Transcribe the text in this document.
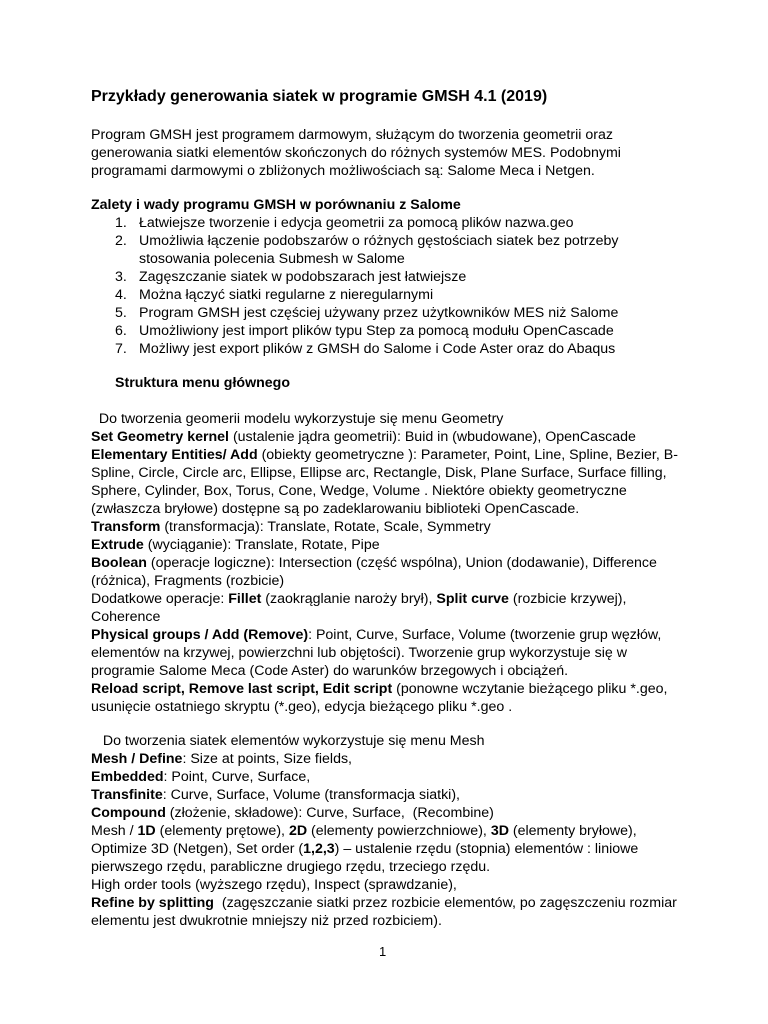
Przykłady generowania siatek w programie GMSH 4.1 (2019)
Program GMSH jest programem darmowym, służącym do tworzenia geometrii oraz
generowania siatki elementów skończonych do różnych systemów MES. Podobnymi
programami darmowymi o zbliżonych możliwościach są: Salome Meca i Netgen.
Zalety i wady programu GMSH w porównaniu z Salome
1. Łatwiejsze tworzenie i edycja geometrii za pomocą plików nazwa.geo
2. Umożliwia łączenie podobszarów o różnych gęstościach siatek bez potrzeby
stosowania polecenia Submesh w Salome
3. Zagęszczanie siatek w podobszarach jest łatwiejsze
4. Można łączyć siatki regularne z nieregularnymi
5. Program GMSH jest częściej używany przez użytkowników MES niż Salome
6. Umożliwiony jest import plików typu Step za pomocą modułu OpenCascade
7. Możliwy jest export plików z GMSH do Salome i Code Aster oraz do Abaqus
Struktura menu głównego
Do tworzenia geomerii modelu wykorzystuje się menu Geometry
Set Geometry kernel (ustalenie jądra geometrii): Buid in (wbudowane), OpenCascade
Elementary Entities/ Add (obiekty geometryczne ): Parameter, Point, Line, Spline, Bezier, B-
Spline, Circle, Circle arc, Ellipse, Ellipse arc, Rectangle, Disk, Plane Surface, Surface filling,
Sphere, Cylinder, Box, Torus, Cone, Wedge, Volume . Niektóre obiekty geometryczne
(zwłaszcza bryłowe) dostępne są po zadeklarowaniu biblioteki OpenCascade.
Transform (transformacja): Translate, Rotate, Scale, Symmetry
Extrude (wyciąganie): Translate, Rotate, Pipe
Boolean (operacje logiczne): Intersection (część wspólna), Union (dodawanie), Difference
(różnica), Fragments (rozbicie)
Dodatkowe operacje: Fillet (zaokrąglanie naroży brył), Split curve (rozbicie krzywej),
Coherence
Physical groups / Add (Remove): Point, Curve, Surface, Volume (tworzenie grup węzłów,
elementów na krzywej, powierzchni lub objętości). Tworzenie grup wykorzystuje się w
programie Salome Meca (Code Aster) do warunków brzegowych i obciążeń.
Reload script, Remove last script, Edit script (ponowne wczytanie bieżącego pliku *.geo,
usunięcie ostatniego skryptu (*.geo), edycja bieżącego pliku *.geo .
Do tworzenia siatek elementów wykorzystuje się menu Mesh
Mesh / Define: Size at points, Size fields,
Embedded: Point, Curve, Surface,
Transfinite: Curve, Surface, Volume (transformacja siatki),
Compound (złożenie, składowe): Curve, Surface,  (Recombine)
Mesh / 1D (elementy prętowe), 2D (elementy powierzchniowe), 3D (elementy bryłowe),
Optimize 3D (Netgen), Set order (1,2,3) – ustalenie rzędu (stopnia) elementów : liniowe
pierwszego rzędu, parabliczne drugiego rzędu, trzeciego rzędu.
High order tools (wyższego rzędu), Inspect (sprawdzanie),
Refine by splitting  (zagęszczanie siatki przez rozbicie elementów, po zagęszczeniu rozmiar
elementu jest dwukrotnie mniejszy niż przed rozbiciem).
1
